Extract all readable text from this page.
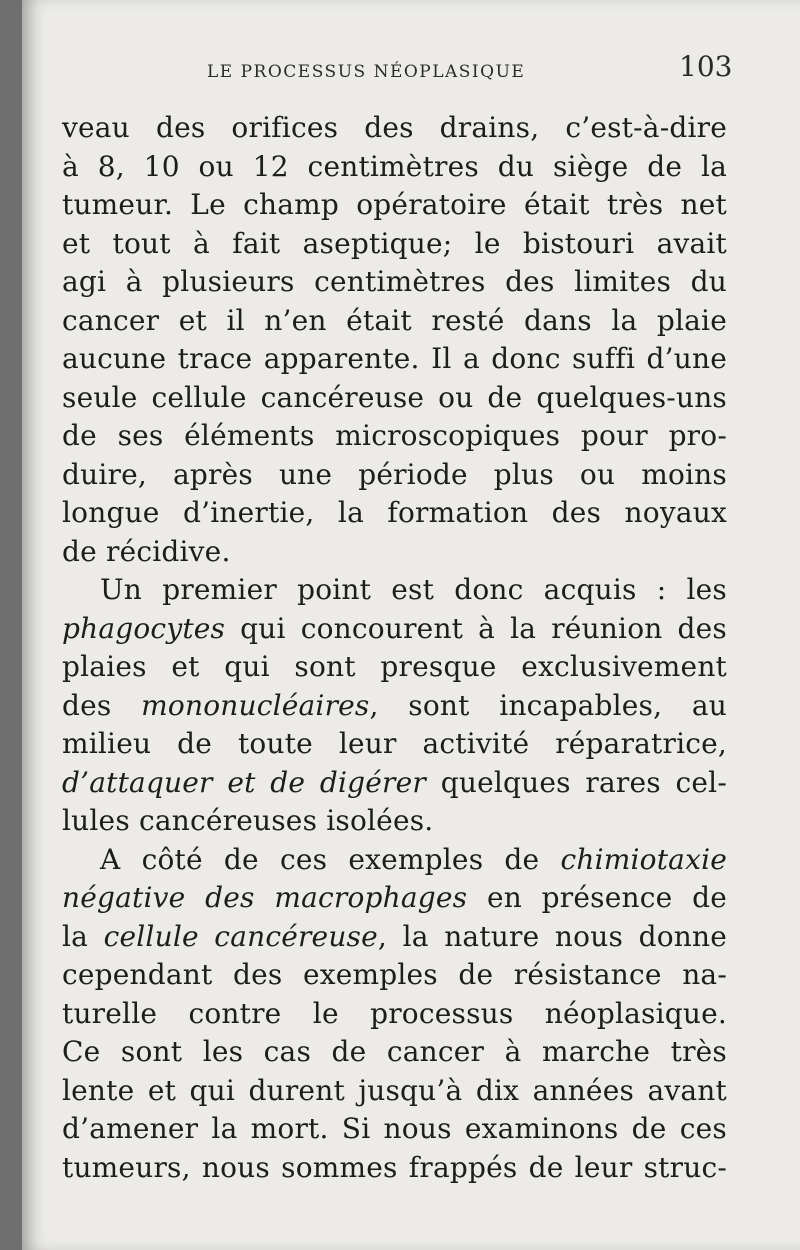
LE PROCESSUS NÉOPLASIQUE	103
veau des orifices des drains, c’est-à-dire
à 8, 10 ou 12 centimètres du siège de la
tumeur. Le champ opératoire était très net
et tout à fait aseptique; le bistouri avait
agi à plusieurs centimètres des limites du
cancer et il n’en était resté dans la plaie
aucune trace apparente. Il a donc suffi d’une
seule cellule cancéreuse ou de quelques-uns
de ses éléments microscopiques pour pro-
duire, après une période plus ou moins
longue d’inertie, la formation des noyaux
de récidive.
Un premier point est donc acquis : les
phagocytes qui concourent à la réunion des
plaies et qui sont presque exclusivement
des mononucléaires, sont incapables, au
milieu de toute leur activité réparatrice,
d’attaquer et de digérer quelques rares cel-
lules cancéreuses isolées.
A côté de ces exemples de chimiotaxie
négative des macrophages en présence de
la cellule cancéreuse, la nature nous donne
cependant des exemples de résistance na-
turelle contre le processus néoplasique.
Ce sont les cas de cancer à marche très
lente et qui durent jusqu’à dix années avant
d’amener la mort. Si nous examinons de ces
tumeurs, nous sommes frappés de leur struc-
